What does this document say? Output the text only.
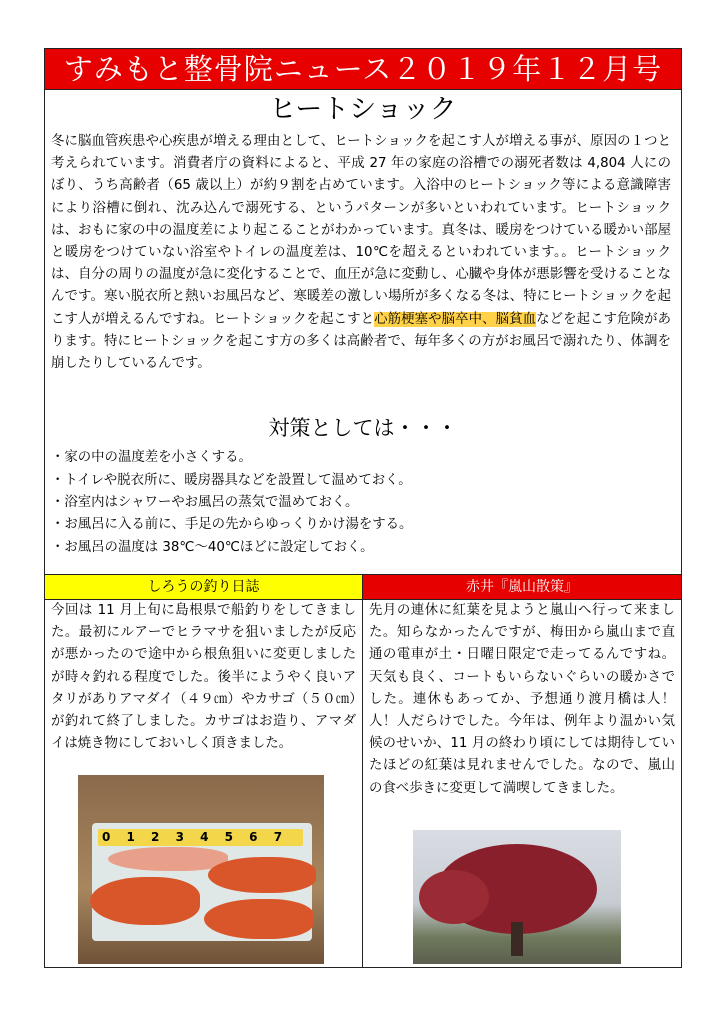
すみもと整骨院ニュース２０１９年１２月号
ヒートショック

冬に脳血管疾患や心疾患が増える理由として、ヒートショックを起こす人が増える事が、原因の１つと考えられています。消費者庁の資料によると、平成 27 年の家庭の浴槽での溺死者数は 4,804 人にのぼり、うち高齢者（65 歳以上）が約９割を占めています。入浴中のヒートショック等による意識障害により浴槽に倒れ、沈み込んで溺死する、というパターンが多いといわれています。ヒートショックは、おもに家の中の温度差により起こることがわかっています。真冬は、暖房をつけている暖かい部屋と暖房をつけていない浴室やトイレの温度差は、10℃を超えるといわれています。。ヒートショックは、自分の周りの温度が急に変化することで、血圧が急に変動し、心臓や身体が悪影響を受けることなんです。寒い脱衣所と熱いお風呂など、寒暖差の激しい場所が多くなる冬は、特にヒートショックを起こす人が増えるんですね。ヒートショックを起こすと心筋梗塞や脳卒中、脳貧血などを起こす危険があります。特にヒートショックを起こす方の多くは高齢者で、毎年多くの方がお風呂で溺れたり、体調を崩したりしているんです。

対策としては・・・
・ 家の中の温度差を小さくする。
・ トイレや脱衣所に、暖房器具などを設置して温めておく。
・ 浴室内はシャワーやお風呂の蒸気で温めておく。
・ お風呂に入る前に、手足の先からゆっくりかけ湯をする。
・ お風呂の温度は 38℃～40℃ほどに設定しておく。
しろうの釣り日誌

今回は 11 月上旬に島根県で船釣りをしてきました。最初にルアーでヒラマサを狙いましたが反応が悪かったので途中から根魚狙いに変更しましたが時々釣れる程度でした。後半にようやく良いアタリがありアマダイ（４９㎝）やカサゴ（５０㎝）が釣れて終了しました。カサゴはお造り、アマダイは焼き物にしておいしく頂きました。

0 1 2 3 4 5 6 7
赤井『嵐山散策』

先月の連休に紅葉を見ようと嵐山へ行って来ました。知らなかったんですが、梅田から嵐山まで直通の電車が土・日曜日限定で走ってるんですね。天気も良く、コートもいらないぐらいの暖かさでした。連休もあってか、予想通り渡月橋は人！人！人だらけでした。今年は、例年より温かい気候のせいか、11 月の終わり頃にしては期待していたほどの紅葉は見れませんでした。なので、嵐山の食べ歩きに変更して満喫してきました。
